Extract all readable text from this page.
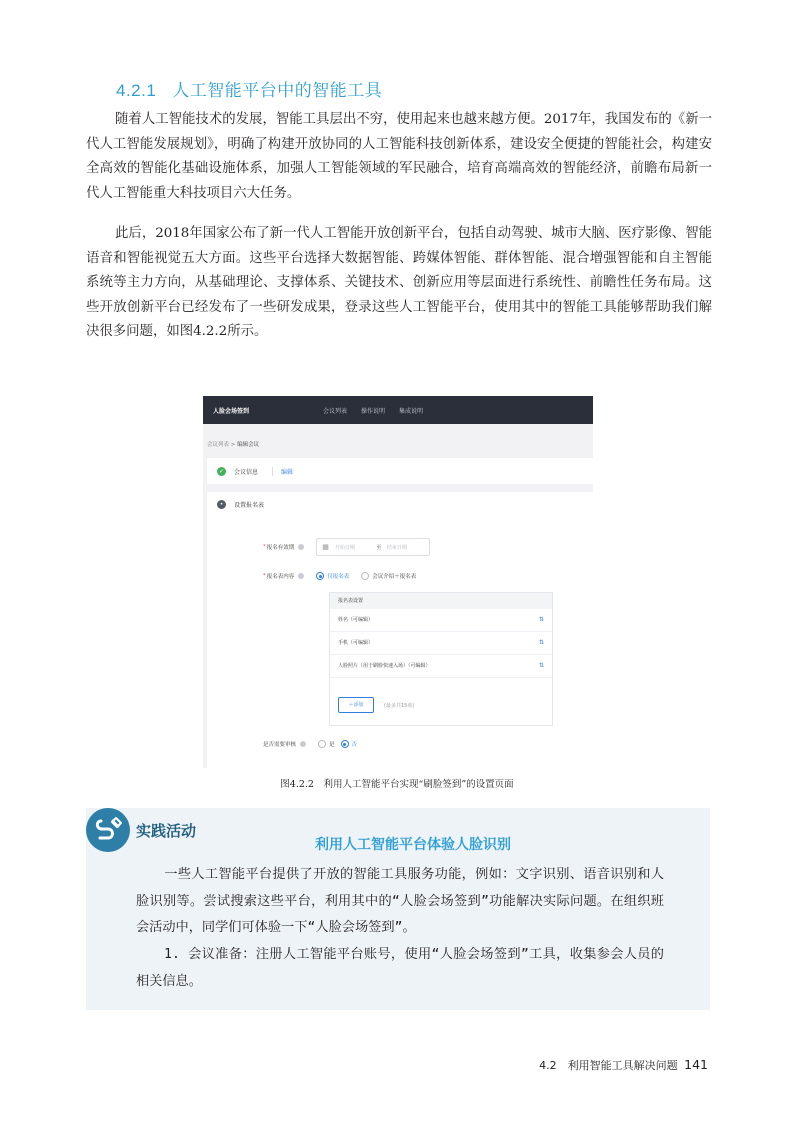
4.2.1 人工智能平台中的智能工具

随着人工智能技术的发展，智能工具层出不穷，使用起来也越来越方便。2017年，我国发布的《新一代人工智能发展规划》，明确了构建开放协同的人工智能科技创新体系，建设安全便捷的智能社会，构建安全高效的智能化基础设施体系，加强人工智能领域的军民融合，培育高端高效的智能经济，前瞻布局新一代人工智能重大科技项目六大任务。

此后，2018年国家公布了新一代人工智能开放创新平台，包括自动驾驶、城市大脑、医疗影像、智能语音和智能视觉五大方面。这些平台选择大数据智能、跨媒体智能、群体智能、混合增强智能和自主智能系统等主力方向，从基础理论、支撑体系、关键技术、创新应用等层面进行系统性、前瞻性任务布局。这些开放创新平台已经发布了一些研发成果，登录这些人工智能平台，使用其中的智能工具能够帮助我们解决很多问题，如图4.2.2所示。

人脸会场签到	会议列表 操作说明 集成说明
会议列表 > 编辑会议
✓	会议信息	编辑
•	设置报名表
* 报名有效期	▦ 开始日期	至	结束日期
* 报名表内容	仅报名表	会议介绍＋报名表
报名表设置
姓名（可编辑）	⇅
手机（可编辑）	⇅
人脸照片（用于刷脸快速入场）（可编辑）	⇅
＋添加	(最多共15项)
是否需要审核	是	否
图4.2.2　利用人工智能平台实现“刷脸签到”的设置页面
实践活动
利用人工智能平台体验人脸识别

一些人工智能平台提供了开放的智能工具服务功能，例如：文字识别、语音识别和人脸识别等。尝试搜索这些平台，利用其中的“人脸会场签到”功能解决实际问题。在组织班会活动中，同学们可体验一下“人脸会场签到”。

1. 会议准备：注册人工智能平台账号，使用“人脸会场签到”工具，收集参会人员的相关信息。

4.2　利用智能工具解决问题 141
